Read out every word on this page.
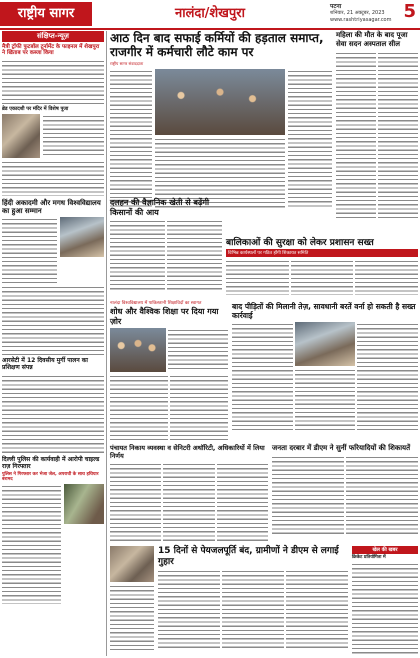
राष्ट्रीय सागर	नालंदा/शेखपुरा	पटना
शनिवार, 21 अक्टूबर, 2023
www.rashtriyasagar.com 5
संक्षिप्त-न्यूज़
मैत्री ट्रॉफी फुटबॉल टूर्नामेंट के फाइनल में शेखपुरा ने खिताब पर कब्जा किया
ब्रेड एकादशी पर मंदिर में विशेष पूजा
हिंदी अकादमी और मगध विश्वविद्यालय का हुआ सम्मान
आरसेटी में 12 दिवसीय मुर्गी पालन का प्रशिक्षण संपन्न
दिल्ली पुलिस की कार्यवाही में आरोपी चाइल्ड राज़ गिरफ्तार
पुलिस ने गिरफ्तार कर भेजा जेल, अपराधी के साथ हथियार बरामद
आठ दिन बाद सफाई कर्मियों की हड़ताल समाप्त, राजगीर में कर्मचारी लौटे काम पर
राष्ट्रीय सागर संवाददाता
महिला की मौत के बाद पूजा सेवा सदन अस्पताल सील
दलहन की वैज्ञानिक खेती से बढ़ेंगी किसानों की आय
बालिकाओं की सुरक्षा को लेकर प्रशासन सख्त
विभिन्न कार्यस्थलों पर गठित होंगी शिकायत समिति
नालंदा विश्वविद्यालय में पाकिस्तानी शिक्षाविदों का स्वागत
शोध और वैश्विक शिक्षा पर दिया गया ज़ोर
बाद पीड़ितों की मिलानी तेज़, सावधानी बरतें वर्ना हो सकती है सख्त कार्रवाई
पंचायत निकाय व्यवस्था व सेनिटरी अथॉरिटी, अधिकारियों में लिया निर्णय
जनता दरबार में डीएम ने सुनीं फरियादियों की शिकायतें
15 दिनों से पेयजलपूर्ति बंद, ग्रामीणों ने डीएम से लगाई गुहार
खेल की खबर
क्रिकेट प्रतियोगिता में
